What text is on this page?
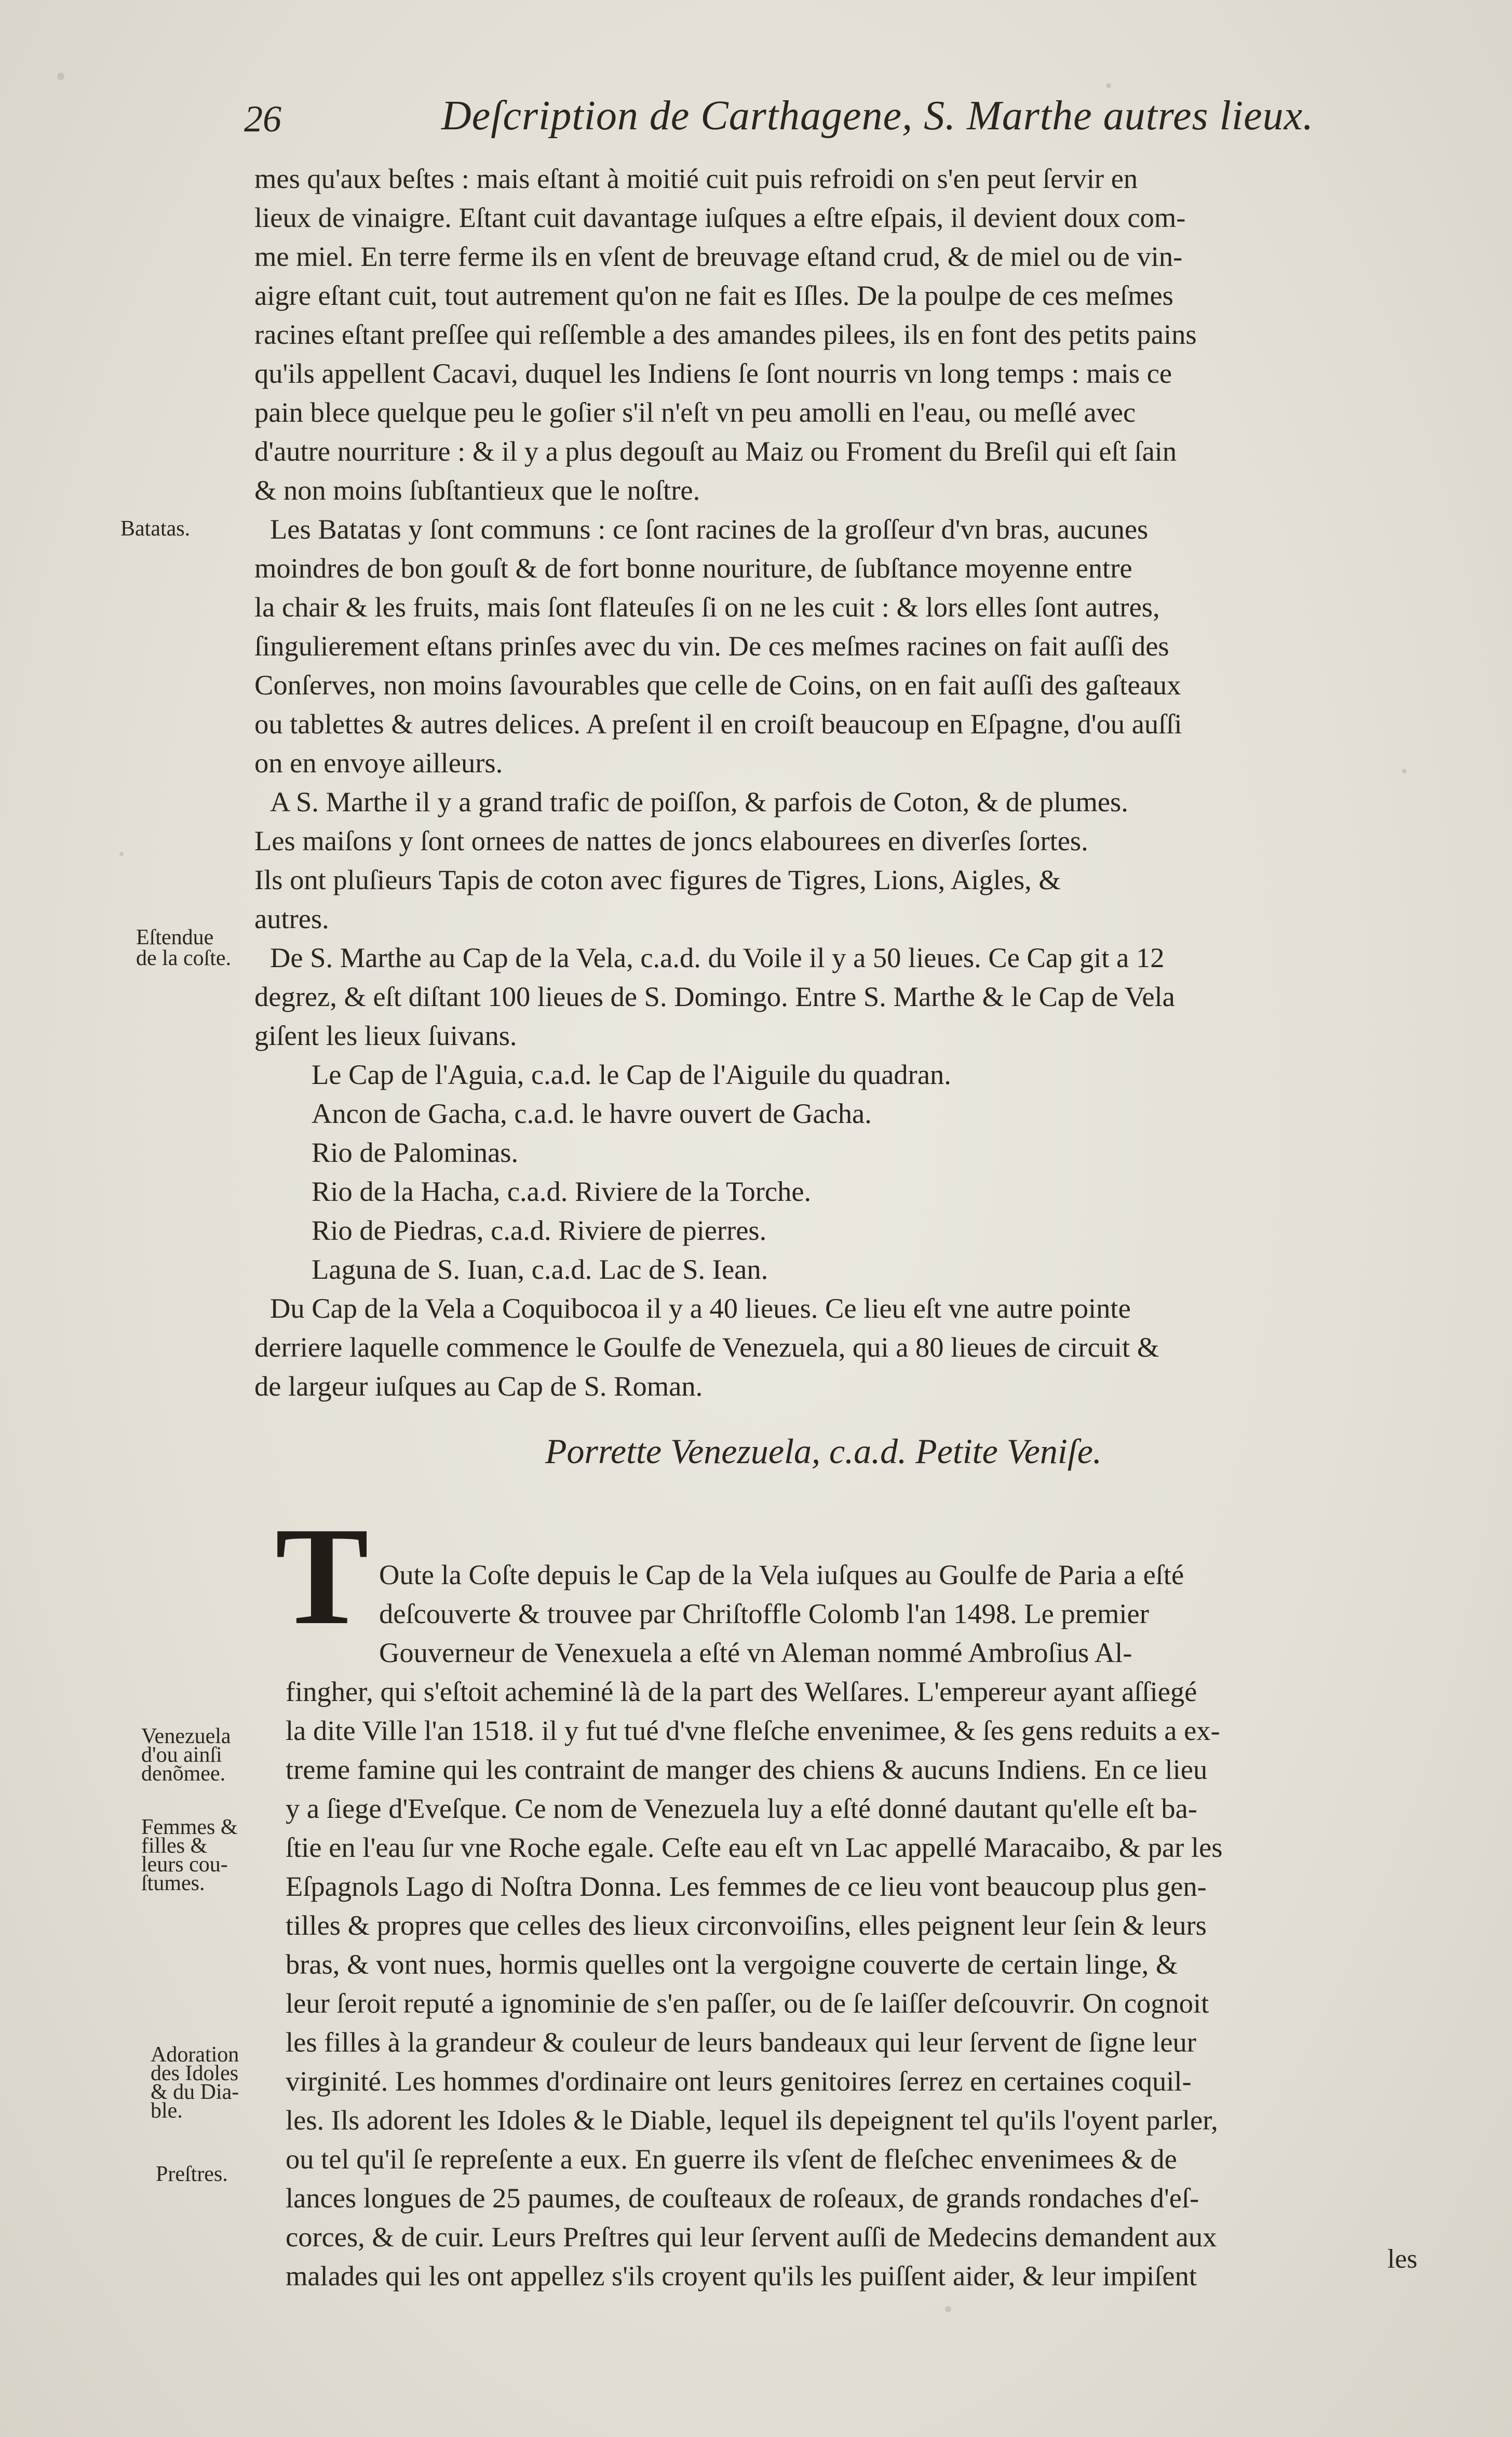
26	Deſcription de Carthagene, S. Marthe autres lieux.
Batatas.
Eſtendue
de la coſte.
Venezuela
d'ou ainſi
denõmee.
Femmes &
filles &
leurs cou-
ſtumes.
Adoration
des Idoles
& du Dia-
ble.
Preſtres.
mes qu'aux beſtes : mais eſtant à moitié cuit puis refroidi on s'en peut ſervir en
lieux de vinaigre. Eſtant cuit davantage iuſques a eſtre eſpais, il devient doux com-
me miel. En terre ferme ils en vſent de breuvage eſtand crud, & de miel ou de vin-
aigre eſtant cuit, tout autrement qu'on ne fait es Iſles. De la poulpe de ces meſmes
racines eſtant preſſee qui reſſemble a des amandes pilees, ils en font des petits pains
qu'ils appellent Cacavi, duquel les Indiens ſe ſont nourris vn long temps : mais ce
pain blece quelque peu le goſier s'il n'eſt vn peu amolli en l'eau, ou meſlé avec
d'autre nourriture : & il y a plus degouſt au Maiz ou Froment du Breſil qui eſt ſain
& non moins ſubſtantieux que le noſtre.
Les Batatas y ſont communs : ce ſont racines de la groſſeur d'vn bras, aucunes
moindres de bon gouſt & de fort bonne nouriture, de ſubſtance moyenne entre
la chair & les fruits, mais ſont flateuſes ſi on ne les cuit : & lors elles ſont autres,
ſingulierement eſtans prinſes avec du vin. De ces meſmes racines on fait auſſi des
Conſerves, non moins ſavourables que celle de Coins, on en fait auſſi des gaſteaux
ou tablettes & autres delices. A preſent il en croiſt beaucoup en Eſpagne, d'ou auſſi
on en envoye ailleurs.
A S. Marthe il y a grand trafic de poiſſon, & parfois de Coton, & de plumes.
Les maiſons y ſont ornees de nattes de joncs elabourees en diverſes ſortes.
Ils ont pluſieurs Tapis de coton avec figures de Tigres, Lions, Aigles, &
autres.
De S. Marthe au Cap de la Vela, c.a.d. du Voile il y a 50 lieues. Ce Cap git a 12
degrez, & eſt diſtant 100 lieues de S. Domingo. Entre S. Marthe & le Cap de Vela
giſent les lieux ſuivans.
Le Cap de l'Aguia, c.a.d. le Cap de l'Aiguile du quadran.
Ancon de Gacha, c.a.d. le havre ouvert de Gacha.
Rio de Palominas.
Rio de la Hacha, c.a.d. Riviere de la Torche.
Rio de Piedras, c.a.d. Riviere de pierres.
Laguna de S. Iuan, c.a.d. Lac de S. Iean.
Du Cap de la Vela a Coquibocoa il y a 40 lieues. Ce lieu eſt vne autre pointe
derriere laquelle commence le Goulfe de Venezuela, qui a 80 lieues de circuit &
de largeur iuſques au Cap de S. Roman.
Porrette Venezuela, c.a.d. Petite Veniſe.
T Oute la Coſte depuis le Cap de la Vela iuſques au Goulfe de Paria a eſté
deſcouverte & trouvee par Chriſtoffle Colomb l'an 1498. Le premier
Gouverneur de Venexuela a eſté vn Aleman nommé Ambroſius Al-
fingher, qui s'eſtoit acheminé là de la part des Welſares. L'empereur ayant aſſiegé
la dite Ville l'an 1518. il y fut tué d'vne fleſche envenimee, & ſes gens reduits a ex-
treme famine qui les contraint de manger des chiens & aucuns Indiens. En ce lieu
y a ſiege d'Eveſque. Ce nom de Venezuela luy a eſté donné dautant qu'elle eſt ba-
ſtie en l'eau ſur vne Roche egale. Ceſte eau eſt vn Lac appellé Maracaibo, & par les
Eſpagnols Lago di Noſtra Donna. Les femmes de ce lieu vont beaucoup plus gen-
tilles & propres que celles des lieux circonvoiſins, elles peignent leur ſein & leurs
bras, & vont nues, hormis quelles ont la vergoigne couverte de certain linge, &
leur ſeroit reputé a ignominie de s'en paſſer, ou de ſe laiſſer deſcouvrir. On cognoit
les filles à la grandeur & couleur de leurs bandeaux qui leur ſervent de ſigne leur
virginité. Les hommes d'ordinaire ont leurs genitoires ſerrez en certaines coquil-
les. Ils adorent les Idoles & le Diable, lequel ils depeignent tel qu'ils l'oyent parler,
ou tel qu'il ſe repreſente a eux. En guerre ils vſent de fleſchec envenimees & de
lances longues de 25 paumes, de couſteaux de roſeaux, de grands rondaches d'eſ-
corces, & de cuir. Leurs Preſtres qui leur ſervent auſſi de Medecins demandent aux
malades qui les ont appellez s'ils croyent qu'ils les puiſſent aider, & leur impiſent
les
